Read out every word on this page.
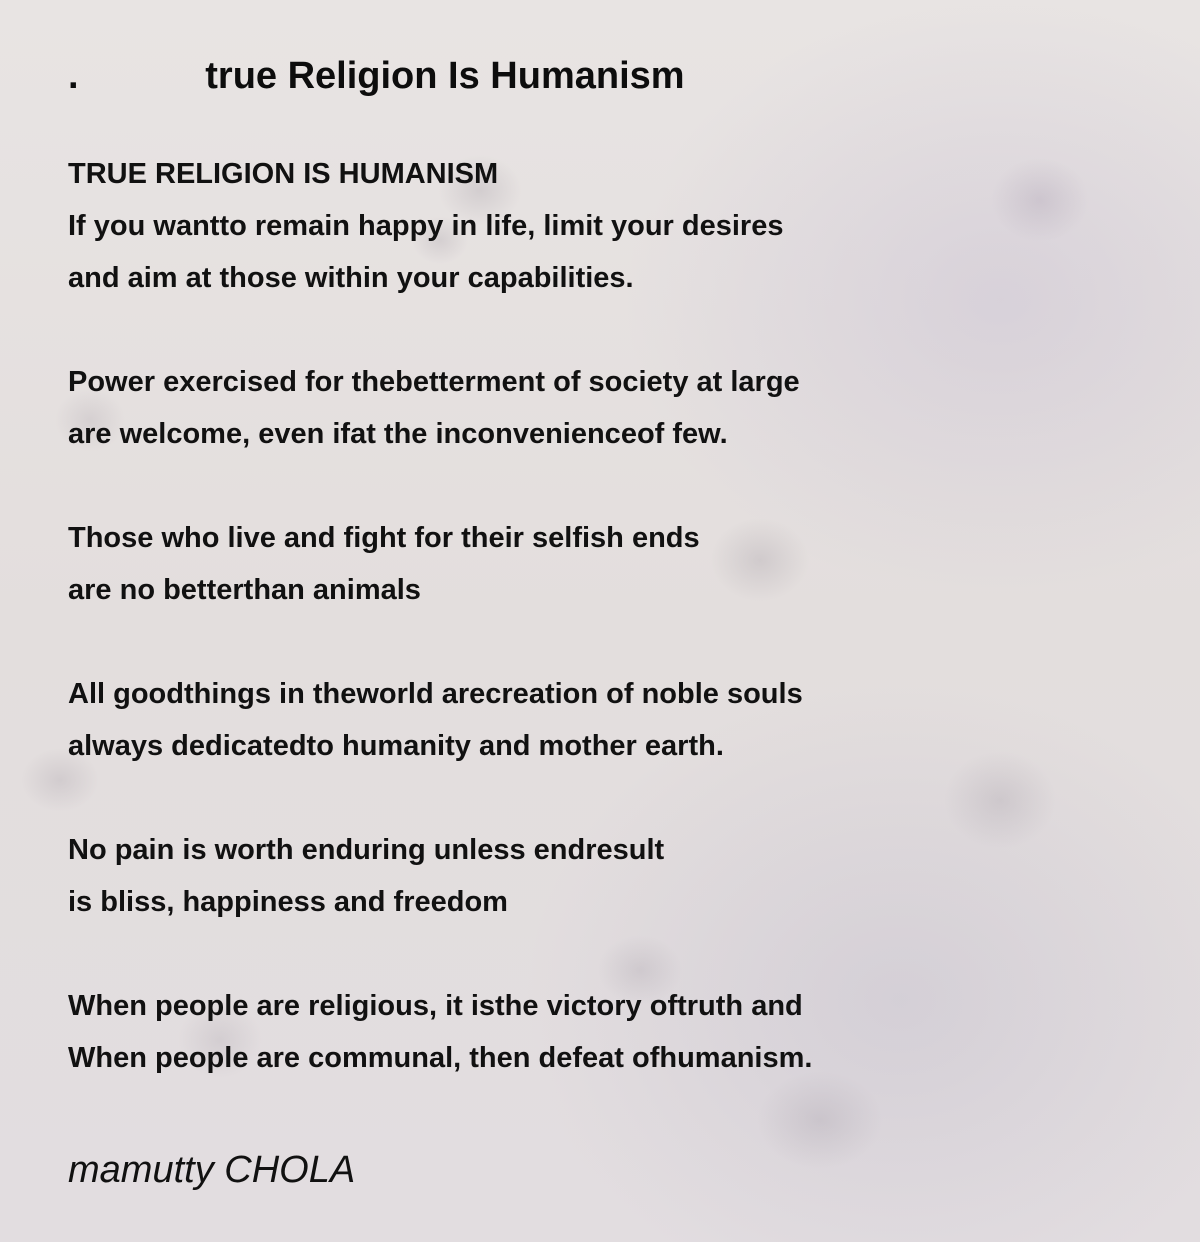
.            true Religion Is Humanism
TRUE RELIGION IS HUMANISM
If you wantto remain happy in life, limit your desires
and aim at those within your capabilities.
Power exercised for thebetterment of society at large
are welcome, even ifat the inconvenienceof few.
Those who live and fight for their selfish ends
are no betterthan animals
All goodthings in theworld arecreation of noble souls
always dedicatedto humanity and mother earth.
No pain is worth enduring unless endresult
is bliss, happiness and freedom
When people are religious, it isthe victory oftruth and
When people are communal, then defeat ofhumanism.
mamutty CHOLA
